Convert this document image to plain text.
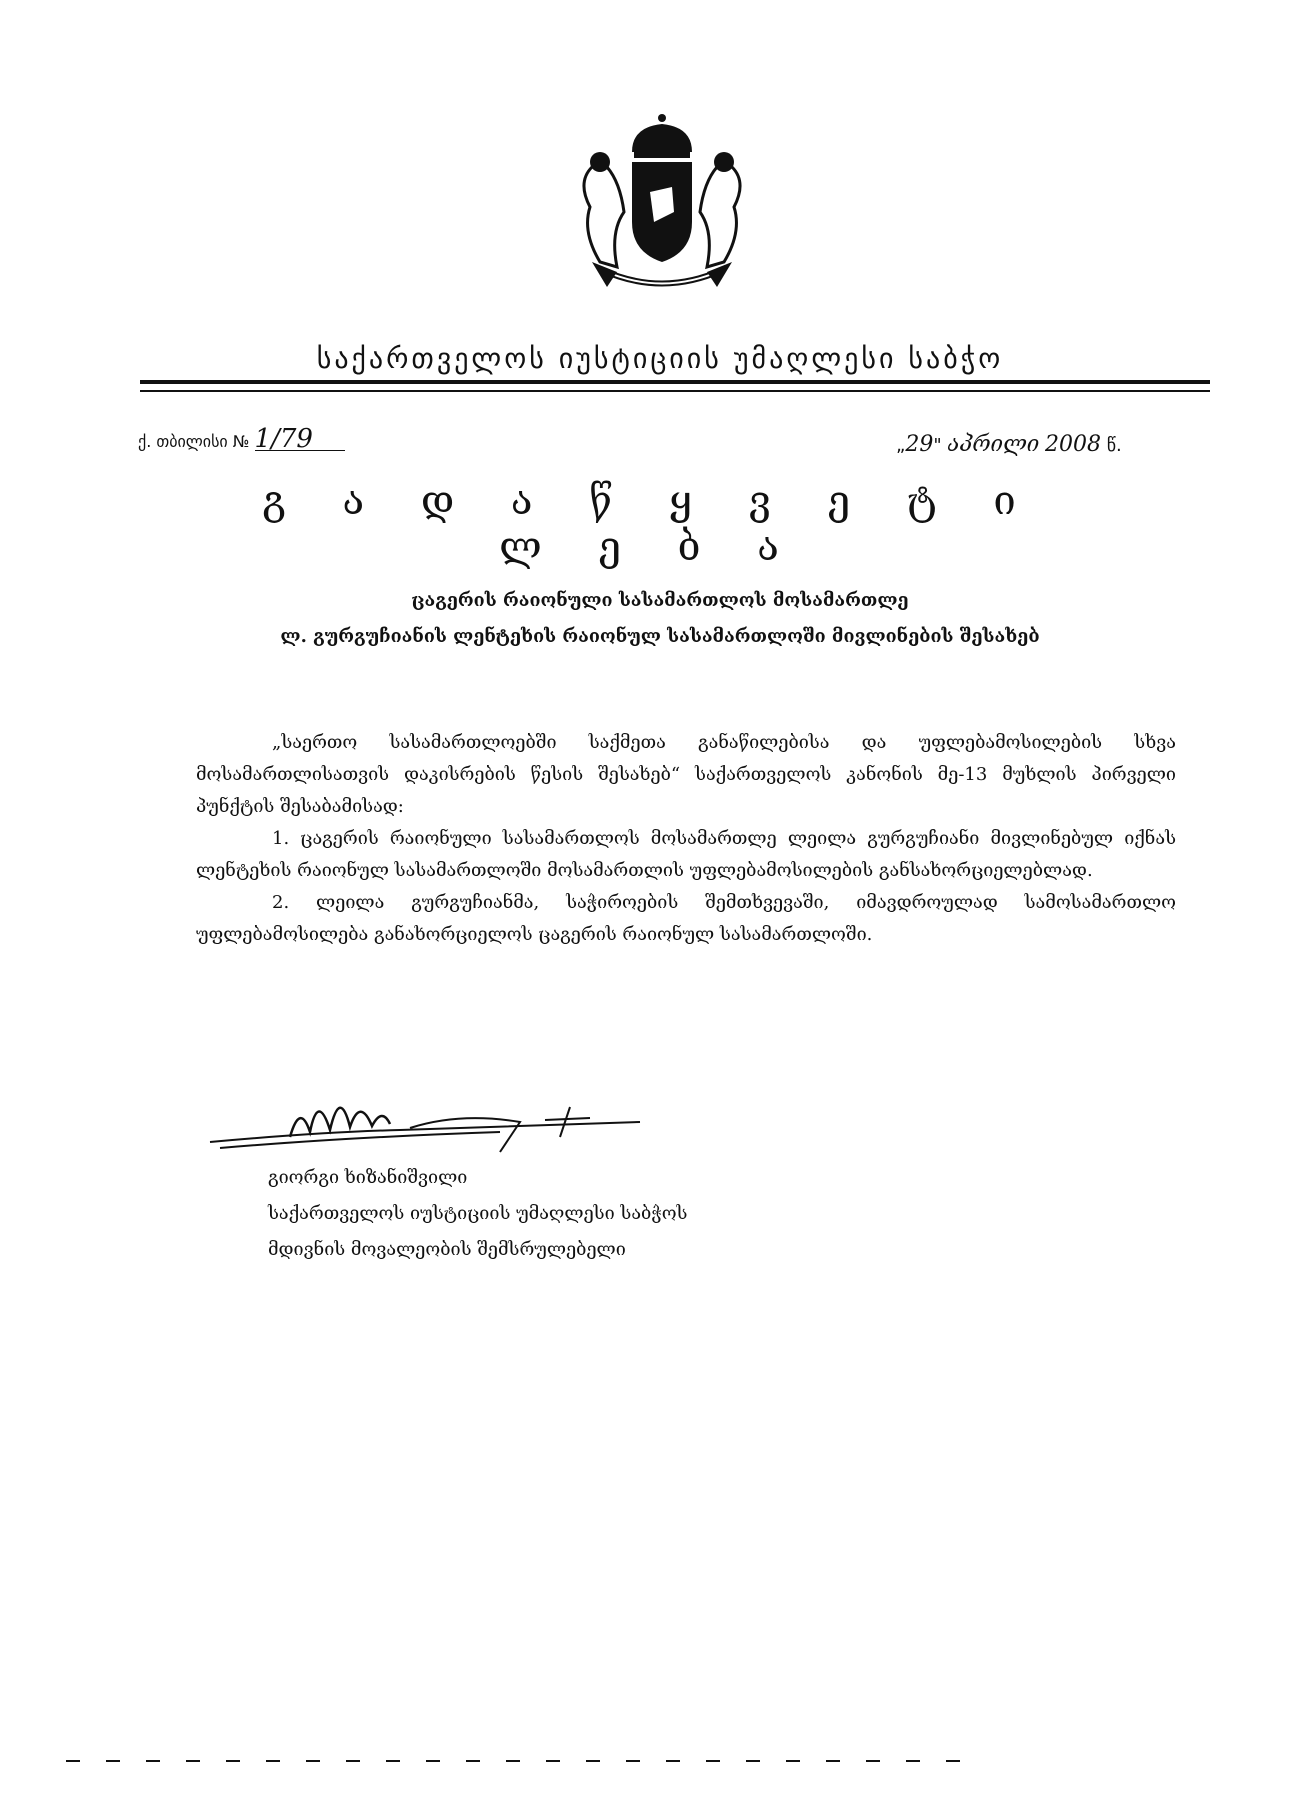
საქართველოს იუსტიციის უმაღლესი საბჭო
ქ. თბილისი № 1/79	„29" აპრილი 2008 წ.
გ ა დ ა წ ყ ვ ე ტ ი ლ ე ბ ა
ცაგერის რაიონული სასამართლოს მოსამართლე
ლ. გურგუჩიანის ლენტეხის რაიონულ სასამართლოში მივლინების შესახებ

„საერთო სასამართლოებში საქმეთა განაწილებისა და უფლებამოსილების სხვა მოსამართლისათვის დაკისრების წესის შესახებ“ საქართველოს კანონის მე-13 მუხლის პირველი პუნქტის შესაბამისად:

1. ცაგერის რაიონული სასამართლოს მოსამართლე ლეილა გურგუჩიანი მივლინებულ იქნას ლენტეხის რაიონულ სასამართლოში მოსამართლის უფლებამოსილების განსახორციელებლად.

2. ლეილა გურგუჩიანმა, საჭიროების შემთხვევაში, იმავდროულად სამოსამართლო უფლებამოსილება განახორციელოს ცაგერის რაიონულ სასამართლოში.

გიორგი ხიზანიშვილი
საქართველოს იუსტიციის უმაღლესი საბჭოს
მდივნის მოვალეობის შემსრულებელი
